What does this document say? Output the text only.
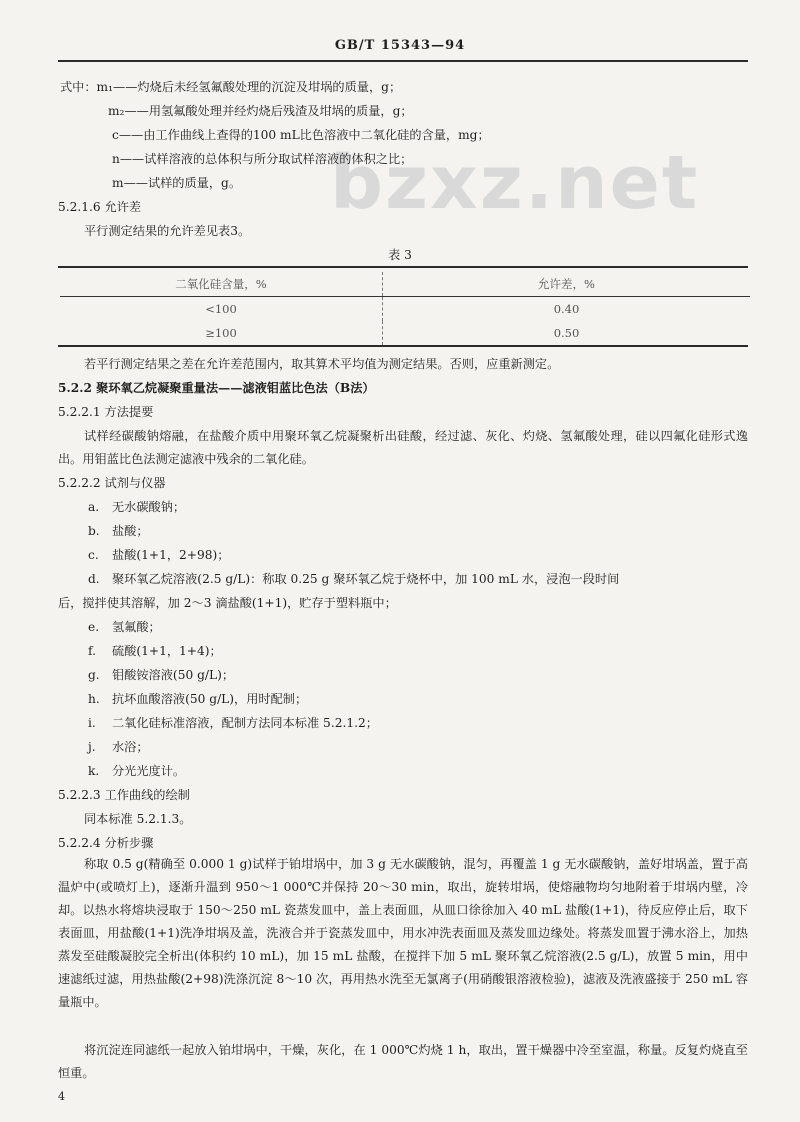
GB/T 15343—94
bzxz.net
式中：m₁——灼烧后未经氢氟酸处理的沉淀及坩埚的质量，g；
m₂——用氢氟酸处理并经灼烧后残渣及坩埚的质量，g；
c——由工作曲线上查得的100 mL比色溶液中二氧化硅的含量，mg；
n——试样溶液的总体积与所分取试样溶液的体积之比；
m——试样的质量，g。
5.2.1.6 允许差
平行测定结果的允许差见表3。
表 3
二氧化硅含量，%	允许差，%
<100	0.40
≥100	0.50
若平行测定结果之差在允许差范围内，取其算术平均值为测定结果。否则，应重新测定。
5.2.2 聚环氧乙烷凝聚重量法——滤液钼蓝比色法（B法）
5.2.2.1 方法提要
试样经碳酸钠熔融，在盐酸介质中用聚环氧乙烷凝聚析出硅酸，经过滤、灰化、灼烧、氢氟酸处理，硅以四氟化硅形式逸出。用钼蓝比色法测定滤液中残余的二氧化硅。
5.2.2.2 试剂与仪器
a. 无水碳酸钠；
b. 盐酸；
c. 盐酸(1+1，2+98)；
d. 聚环氧乙烷溶液(2.5 g/L)：称取 0.25 g 聚环氧乙烷于烧杯中，加 100 mL 水，浸泡一段时间
后，搅拌使其溶解，加 2～3 滴盐酸(1+1)，贮存于塑料瓶中；
e. 氢氟酸；
f. 硫酸(1+1，1+4)；
g. 钼酸铵溶液(50 g/L)；
h. 抗坏血酸溶液(50 g/L)，用时配制；
i. 二氧化硅标准溶液，配制方法同本标准 5.2.1.2；
j. 水浴；
k. 分光光度计。
5.2.2.3 工作曲线的绘制
同本标准 5.2.1.3。
5.2.2.4 分析步骤
称取 0.5 g(精确至 0.000 1 g)试样于铂坩埚中，加 3 g 无水碳酸钠，混匀，再覆盖 1 g 无水碳酸钠，盖好坩埚盖，置于高温炉中(或喷灯上)，逐渐升温到 950～1 000℃并保持 20～30 min，取出，旋转坩埚，使熔融物均匀地附着于坩埚内壁，冷却。以热水将熔块浸取于 150～250 mL 瓷蒸发皿中，盖上表面皿，从皿口徐徐加入 40 mL 盐酸(1+1)，待反应停止后，取下表面皿，用盐酸(1+1)洗净坩埚及盖，洗液合并于瓷蒸发皿中，用水冲洗表面皿及蒸发皿边缘处。将蒸发皿置于沸水浴上，加热蒸发至硅酸凝胶完全析出(体积约 10 mL)，加 15 mL 盐酸，在搅拌下加 5 mL 聚环氧乙烷溶液(2.5 g/L)，放置 5 min，用中速滤纸过滤，用热盐酸(2+98)洗涤沉淀 8～10 次，再用热水洗至无氯离子(用硝酸银溶液检验)，滤液及洗液盛接于 250 mL 容量瓶中。
将沉淀连同滤纸一起放入铂坩埚中，干燥，灰化，在 1 000℃灼烧 1 h，取出，置干燥器中冷至室温，称量。反复灼烧直至恒重。
4
